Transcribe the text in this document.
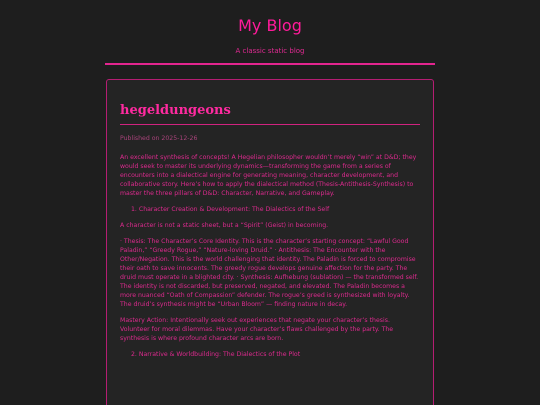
My Blog

A classic static blog

hegeldungeons

Published on 2025-12-26

An excellent synthesis of concepts! A Hegelian philosopher wouldn’t merely “win” at D&D; they would seek to master its underlying dynamics—transforming the game from a series of encounters into a dialectical engine for generating meaning, character development, and collaborative story. Here’s how to apply the dialectical method (Thesis-Antithesis-Synthesis) to master the three pillars of D&D: Character, Narrative, and Gameplay.

1. Character Creation & Development: The Dialectics of the Self

A character is not a static sheet, but a “Spirit” (Geist) in becoming.

· Thesis: The Character’s Core Identity. This is the character’s starting concept: “Lawful Good Paladin,” “Greedy Rogue,” “Nature-loving Druid.” · Antithesis: The Encounter with the Other/Negation. This is the world challenging that identity. The Paladin is forced to compromise their oath to save innocents. The greedy rogue develops genuine affection for the party. The druid must operate in a blighted city. · Synthesis: Aufhebung (sublation) — the transformed self. The identity is not discarded, but preserved, negated, and elevated. The Paladin becomes a more nuanced “Oath of Compassion” defender. The rogue’s greed is synthesized with loyalty. The druid’s synthesis might be “Urban Bloom” — finding nature in decay.

Mastery Action: Intentionally seek out experiences that negate your character’s thesis. Volunteer for moral dilemmas. Have your character’s flaws challenged by the party. The synthesis is where profound character arcs are born.

2. Narrative & Worldbuilding: The Dialectics of the Plot
